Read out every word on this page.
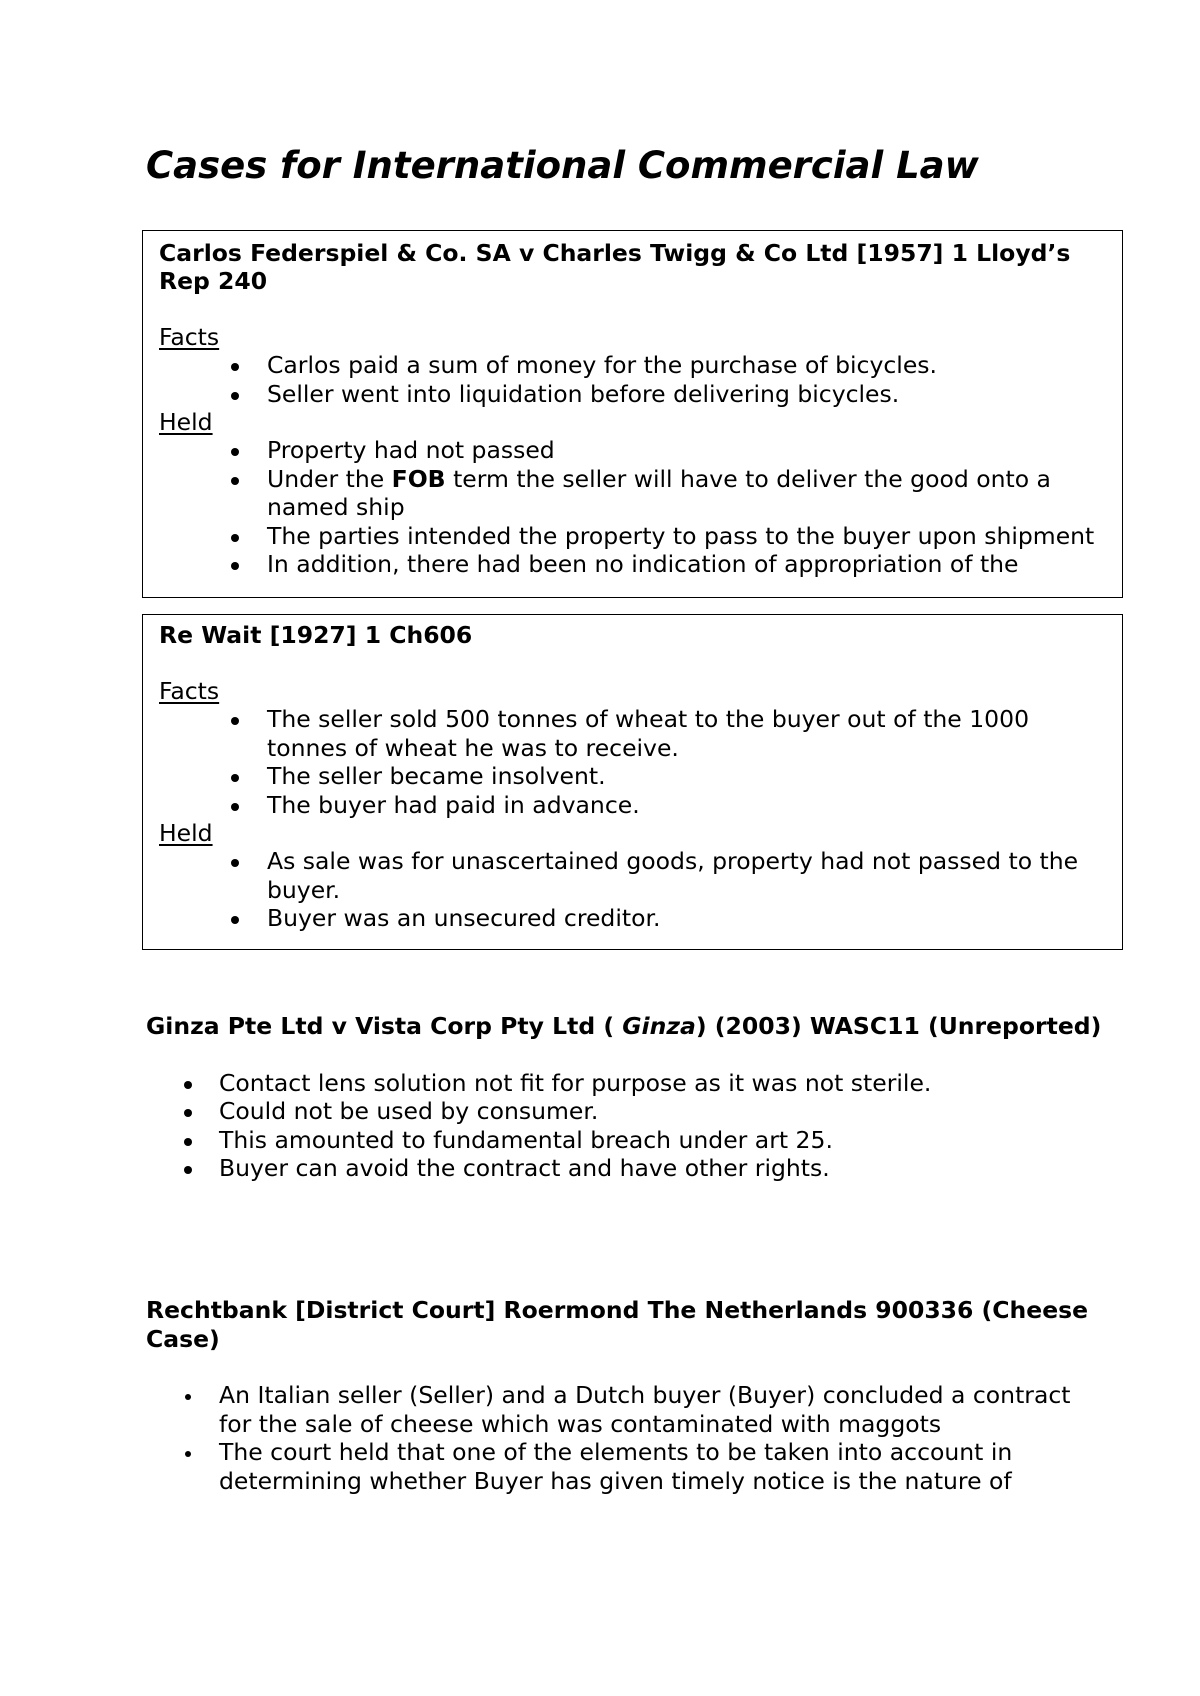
Cases for International Commercial Law

Carlos Federspiel & Co. SA v Charles Twigg & Co Ltd [1957] 1 Lloyd’s Rep 240

Facts

Carlos paid a sum of money for the purchase of bicycles.
Seller went into liquidation before delivering bicycles.

Held

Property had not passed
Under the FOB term the seller will have to deliver the good onto a named ship
The parties intended the property to pass to the buyer upon shipment
In addition, there had been no indication of appropriation of the

Re Wait [1927] 1 Ch606

Facts

The seller sold 500 tonnes of wheat to the buyer out of the 1000 tonnes of wheat he was to receive.
The seller became insolvent.
The buyer had paid in advance.

Held

As sale was for unascertained goods, property had not passed to the buyer.
Buyer was an unsecured creditor.

Ginza Pte Ltd v Vista Corp Pty Ltd ( Ginza) (2003) WASC11 (Unreported)

Contact lens solution not fit for purpose as it was not sterile.
Could not be used by consumer.
This amounted to fundamental breach under art 25.
Buyer can avoid the contract and have other rights.

Rechtbank [District Court] Roermond The Netherlands 900336 (Cheese Case)

An Italian seller (Seller) and a Dutch buyer (Buyer) concluded a contract for the sale of cheese which was contaminated with maggots
The court held that one of the elements to be taken into account in determining whether Buyer has given timely notice is the nature of
